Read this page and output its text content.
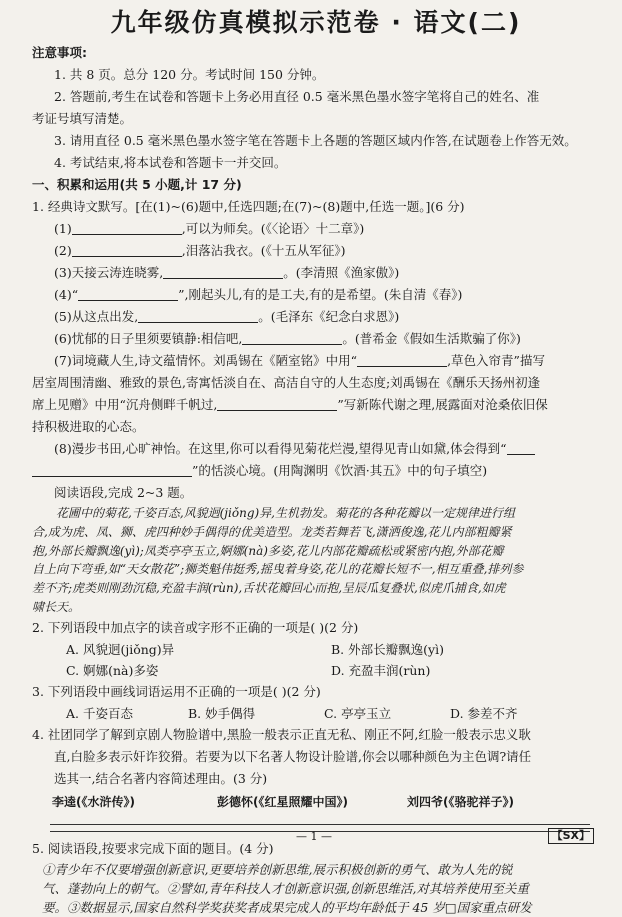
九年级仿真模拟示范卷 · 语文(二)
注意事项:
1. 共 8 页。总分 120 分。考试时间 150 分钟。
2. 答题前,考生在试卷和答题卡上务必用直径 0.5 毫米黑色墨水签字笔将自己的姓名、准
考证号填写清楚。
3. 请用直径 0.5 毫米黑色墨水签字笔在答题卡上各题的答题区域内作答,在试题卷上作答无效。
4. 考试结束,将本试卷和答题卡一并交回。
一、积累和运用(共 5 小题,计 17 分)
1. 经典诗文默写。[在(1)~(6)题中,任选四题;在(7)~(8)题中,任选一题。](6 分)
(1)	,可以为师矣。(《〈论语〉十二章》)
(2)	,泪落沾我衣。(《十五从军征》)
(3)天接云涛连晓雾,	。(李清照《渔家傲》)
(4)“	”,刚起头儿,有的是工夫,有的是希望。(朱自清《春》)
(5)从这点出发,	。(毛泽东《纪念白求恩》)
(6)忧郁的日子里须要镇静:相信吧,	。(普希金《假如生活欺骗了你》)
(7)词境藏人生,诗文蕴情怀。刘禹锡在《陋室铭》中用“	,草色入帘青”描写
居室周围清幽、雅致的景色,寄寓恬淡自在、高洁自守的人生态度;刘禹锡在《酬乐天扬州初逢
席上见赠》中用“沉舟侧畔千帆过,	”写新陈代谢之理,展露面对沧桑依旧保
持积极进取的心态。
(8)漫步书田,心旷神怡。在这里,你可以看得见菊花烂漫,望得见青山如黛,体会得到“
”的恬淡心境。(用陶渊明《饮酒·其五》中的句子填空)
阅读语段,完成 2~3 题。
花圃中的菊花,千姿百态,风貌迥(jiǒng)异,生机勃发。菊花的各种花瓣以一定规律进行组
合,成为虎、凤、狮、虎四种妙手偶得的优美造型。龙类若舞若飞,潇洒俊逸,花儿内部粗瓣紧
抱,外部长瓣飘逸(yì);凤类亭亭玉立,婀娜(nà)多姿,花儿内部花瓣疏松或紧密内抱,外部花瓣
自上向下弯垂,如“天女散花”;狮类魁伟挺秀,摇曳着身姿,花儿的花瓣长短不一,相互重叠,排列参
差不齐;虎类则刚劲沉稳,充盈丰润(rùn),舌状花瓣回心而抱,呈辰瓜复叠状,似虎爪捕食,如虎
啸长天。
2. 下列语段中加点字的读音或字形不正确的一项是( )(2 分)
A. 风貌迥(jiǒng)异	B. 外部长瓣飘逸(yì)
C. 婀娜(nà)多姿	D. 充盈丰润(rùn)
3. 下列语段中画线词语运用不正确的一项是( )(2 分)
A. 千姿百态	B. 妙手偶得	C. 亭亭玉立	D. 参差不齐
4. 社团同学了解到京剧人物脸谱中,黑脸一般表示正直无私、刚正不阿,红脸一般表示忠义耿
直,白脸多表示奸诈狡猾。若要为以下名著人物设计脸谱,你会以哪种颜色为主色调?请任
选其一,结合名著内容简述理由。(3 分)
李逵(《水浒传》)	彭德怀(《红星照耀中国》)	刘四爷(《骆驼祥子》)
5. 阅读语段,按要求完成下面的题目。(4 分)
①青少年不仅要增强创新意识,更要培养创新思维,展示积极创新的勇气、敢为人先的锐
气、蓬勃向上的朝气。②譬如,青年科技人才创新意识强,创新思维活,对其培养使用至关重
要。③数据显示,国家自然科学奖获奖者成果完成人的平均年龄低于 45 岁□国家重点研发
— 1 —	【SX】
